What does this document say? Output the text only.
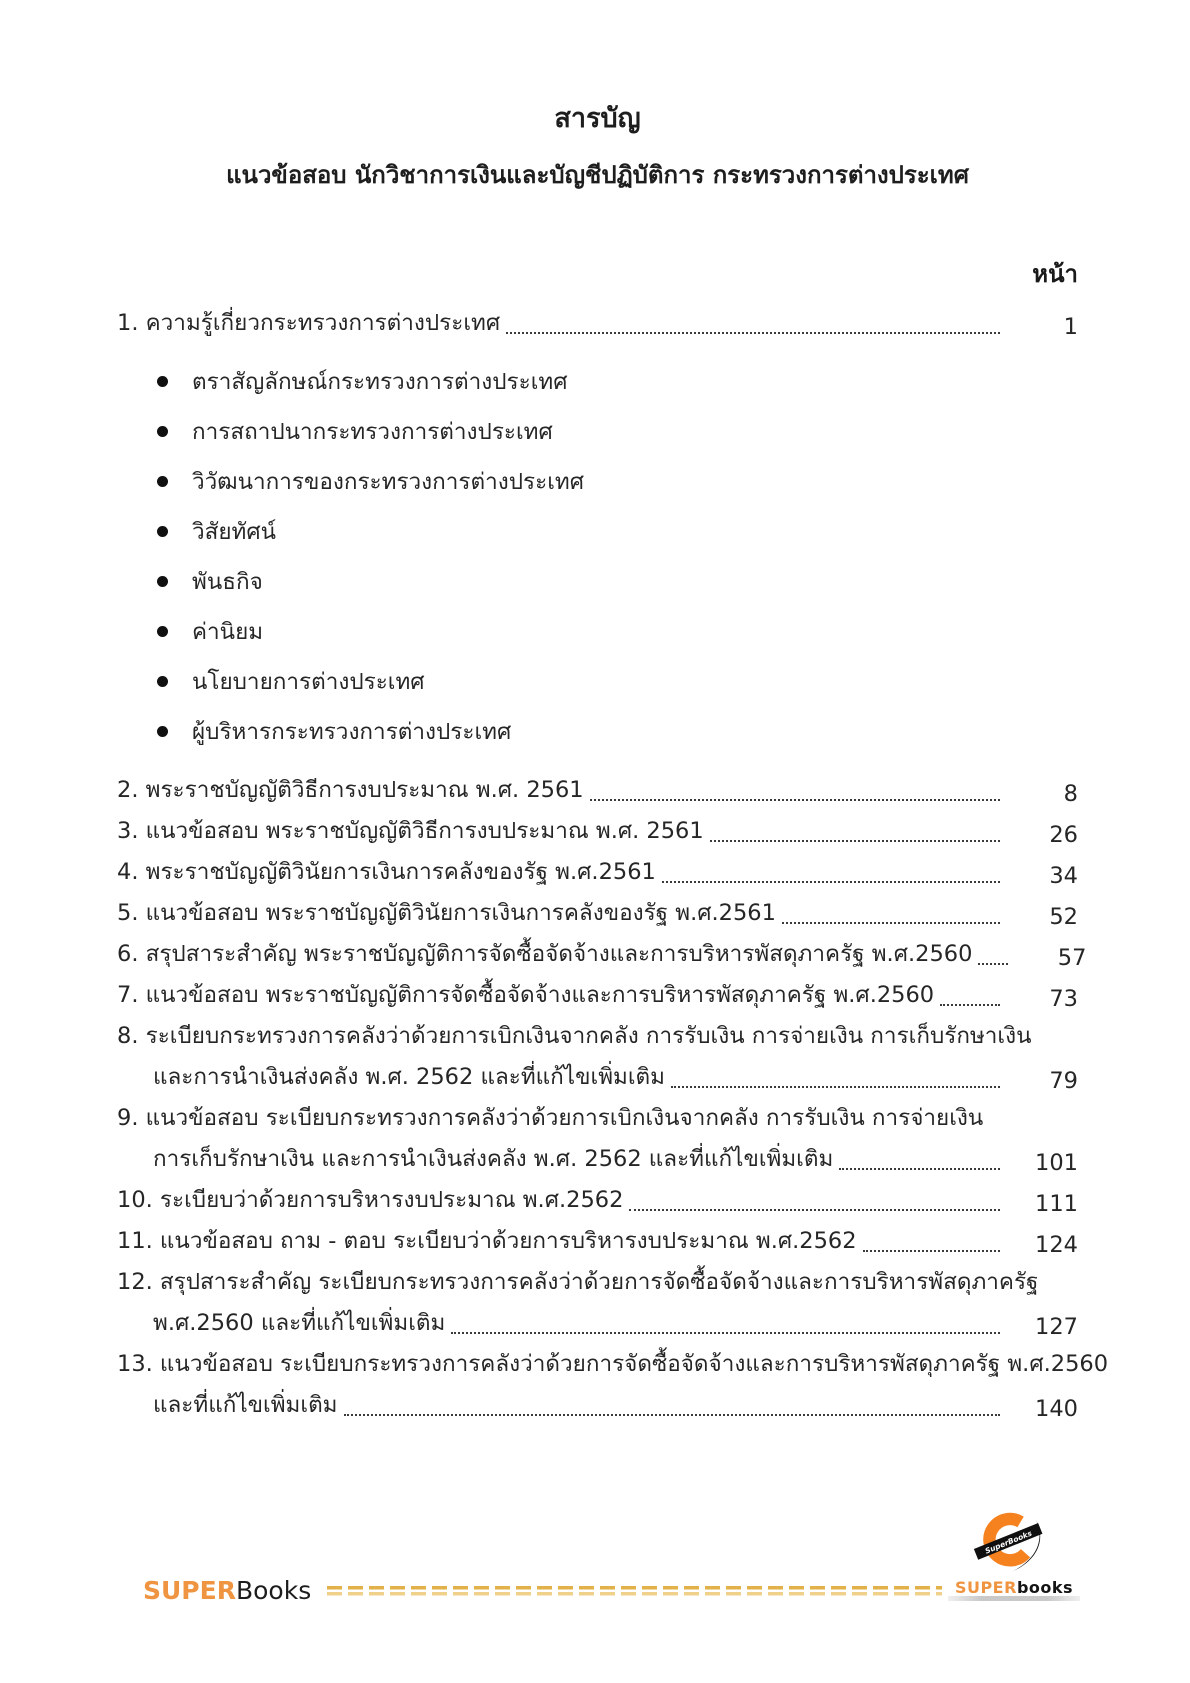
สารบัญ
แนวข้อสอบ นักวิชาการเงินและบัญชีปฏิบัติการ กระทรวงการต่างประเทศ
หน้า
1. ความรู้เกี่ยวกระทรวงการต่างประเทศ	1
ตราสัญลักษณ์กระทรวงการต่างประเทศ
การสถาปนากระทรวงการต่างประเทศ
วิวัฒนาการของกระทรวงการต่างประเทศ
วิสัยทัศน์
พันธกิจ
ค่านิยม
นโยบายการต่างประเทศ
ผู้บริหารกระทรวงการต่างประเทศ
2. พระราชบัญญัติวิธีการงบประมาณ พ.ศ. 2561	8
3. แนวข้อสอบ พระราชบัญญัติวิธีการงบประมาณ พ.ศ. 2561	26
4. พระราชบัญญัติวินัยการเงินการคลังของรัฐ พ.ศ.2561	34
5. แนวข้อสอบ พระราชบัญญัติวินัยการเงินการคลังของรัฐ พ.ศ.2561	52
6. สรุปสาระสำคัญ พระราชบัญญัติการจัดซื้อจัดจ้างและการบริหารพัสดุภาครัฐ พ.ศ.2560	57
7. แนวข้อสอบ พระราชบัญญัติการจัดซื้อจัดจ้างและการบริหารพัสดุภาครัฐ พ.ศ.2560	73
8. ระเบียบกระทรวงการคลังว่าด้วยการเบิกเงินจากคลัง การรับเงิน การจ่ายเงิน การเก็บรักษาเงิน
และการนำเงินส่งคลัง พ.ศ. 2562 และที่แก้ไขเพิ่มเติม	79
9. แนวข้อสอบ ระเบียบกระทรวงการคลังว่าด้วยการเบิกเงินจากคลัง การรับเงิน การจ่ายเงิน
การเก็บรักษาเงิน และการนำเงินส่งคลัง พ.ศ. 2562 และที่แก้ไขเพิ่มเติม	101
10. ระเบียบว่าด้วยการบริหารงบประมาณ พ.ศ.2562	111
11. แนวข้อสอบ ถาม - ตอบ ระเบียบว่าด้วยการบริหารงบประมาณ พ.ศ.2562	124
12. สรุปสาระสำคัญ ระเบียบกระทรวงการคลังว่าด้วยการจัดซื้อจัดจ้างและการบริหารพัสดุภาครัฐ
พ.ศ.2560 และที่แก้ไขเพิ่มเติม	127
13. แนวข้อสอบ ระเบียบกระทรวงการคลังว่าด้วยการจัดซื้อจัดจ้างและการบริหารพัสดุภาครัฐ พ.ศ.2560
และที่แก้ไขเพิ่มเติม	140
SUPERBooks
SuperBooks
SUPERbooks
